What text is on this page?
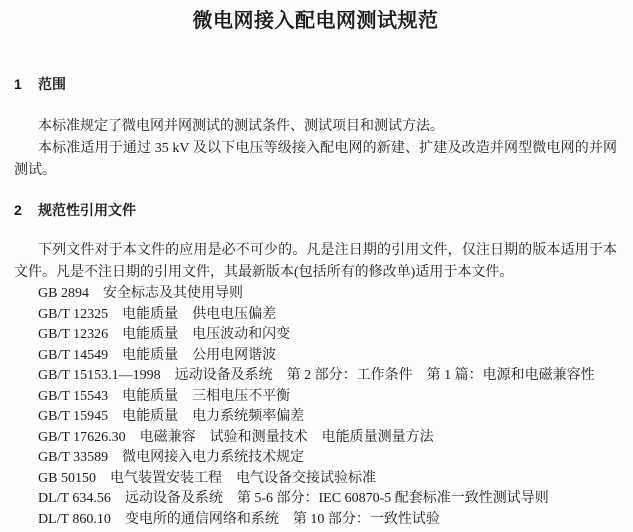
微电网接入配电网测试规范
1 范围

本标准规定了微电网并网测试的测试条件、测试项目和测试方法。

本标准适用于通过 35 kV 及以下电压等级接入配电网的新建、扩建及改造并网型微电网的并网测试。

2 规范性引用文件

下列文件对于本文件的应用是必不可少的。凡是注日期的引用文件，仅注日期的版本适用于本文件。凡是不注日期的引用文件，其最新版本(包括所有的修改单)适用于本文件。

GB 2894 安全标志及其使用导则
GB/T 12325 电能质量　供电电压偏差
GB/T 12326 电能质量　电压波动和闪变
GB/T 14549 电能质量　公用电网谐波
GB/T 15153.1—1998 远动设备及系统　第 2 部分：工作条件　第 1 篇：电源和电磁兼容性
GB/T 15543 电能质量　三相电压不平衡
GB/T 15945 电能质量　电力系统频率偏差
GB/T 17626.30 电磁兼容　试验和测量技术　电能质量测量方法
GB/T 33589 微电网接入电力系统技术规定
GB 50150 电气装置安装工程　电气设备交接试验标准
DL/T 634.56 远动设备及系统　第 5-6 部分：IEC 60870-5 配套标准一致性测试导则
DL/T 860.10 变电所的通信网络和系统　第 10 部分：一致性试验
